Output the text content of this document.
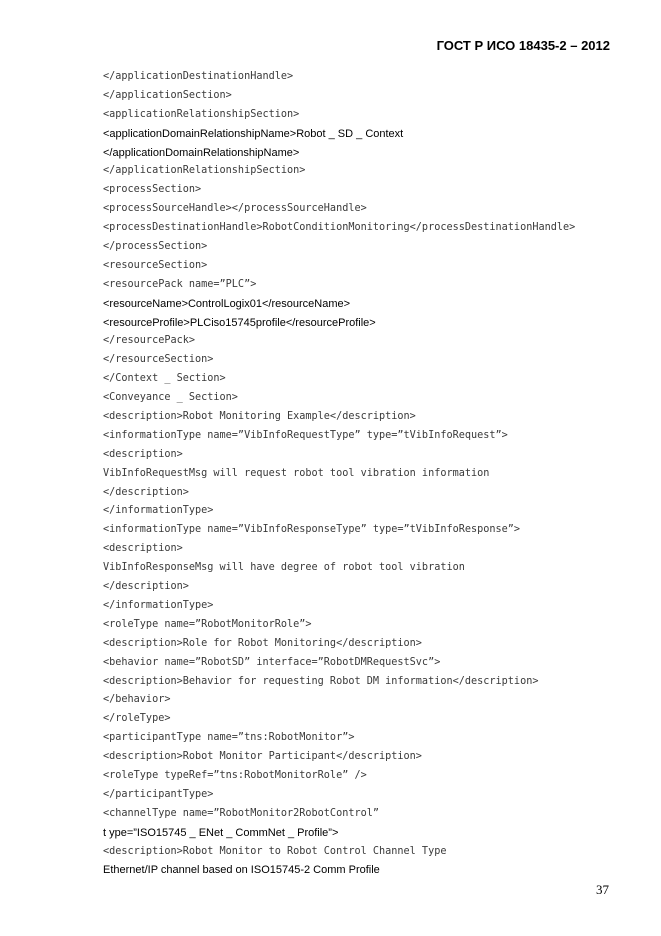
ГОСТ Р ИСО 18435-2 – 2012
</applicationDestinationHandle>
</applicationSection>
<applicationRelationshipSection>
<applicationDomainRelationshipName>Robot _ SD _ Context
</applicationDomainRelationshipName>
</applicationRelationshipSection>
<processSection>
<processSourceHandle></processSourceHandle>
<processDestinationHandle>RobotConditionMonitoring</processDestinationHandle>
</processSection>
<resourceSection>
<resourcePack name=”PLC”>
<resourceName>ControlLogix01</resourceName>
<resourceProfile>PLCiso15745profile</resourceProfile>
</resourcePack>
</resourceSection>
</Context _ Section>
<Conveyance _ Section>
<description>Robot Monitoring Example</description>
<informationType name=”VibInfoRequestType” type=”tVibInfoRequest”>
<description>
VibInfoRequestMsg will request robot tool vibration information
</description>
</informationType>
<informationType name=”VibInfoResponseType” type=”tVibInfoResponse”>
<description>
VibInfoResponseMsg will have degree of robot tool vibration
</description>
</informationType>
<roleType name=”RobotMonitorRole”>
<description>Role for Robot Monitoring</description>
<behavior name=”RobotSD” interface=”RobotDMRequestSvc”>
<description>Behavior for requesting Robot DM information</description>
</behavior>
</roleType>
<participantType name=”tns:RobotMonitor”>
<description>Robot Monitor Participant</description>
<roleType typeRef=”tns:RobotMonitorRole” />
</participantType>
<channelType name=”RobotMonitor2RobotControl”
t ype=”ISO15745 _ ENet _ CommNet _ Profile”>
<description>Robot Monitor to Robot Control Channel Type
Ethernet/IP channel based on ISO15745-2 Comm Profile
37
